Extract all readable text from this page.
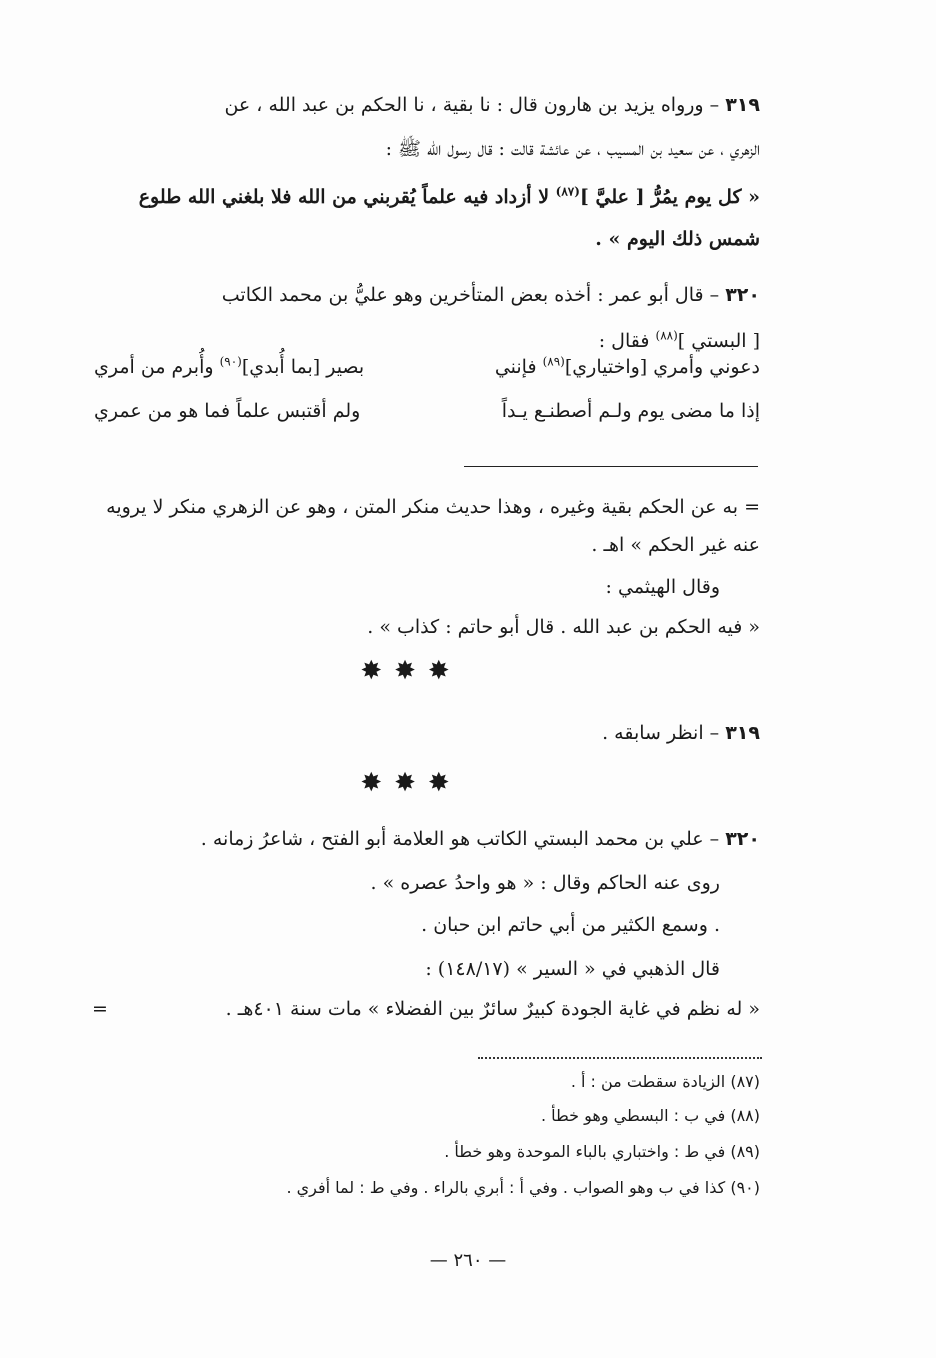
٣١٩ – ورواه يزيد بن هارون قال : نا بقية ، نا الحكم بن عبد الله ، عن
الزهري ، عن سعيد بن المسيب ، عن عائشة قالت : قال رسول الله ﷺ :
« كل يوم يمُرُّ [ عليَّ ]$^{(٨٧)}$ لا أزداد فيه علماً يُقربني من الله فلا بلغني الله طلوع
شمس ذلك اليوم » .
٣٢٠ – قال أبو عمر : أخذه بعض المتأخرين وهو عليُّ بن محمد الكاتب
[ البستي ]$^{(٨٨)}$ فقال :
دعوني وأمري [واختياري]$^{(٨٩)}$ فإنني
بصير [بما أُبدي]$^{(٩٠)}$ وأُبرم من أمري
إذا ما مضى يوم ولـم أصطنـع يـداً
ولم أقتبس علماً فما هو من عمري
= به عن الحكم بقية وغيره ، وهذا حديث منكر المتن ، وهو عن الزهري منكر لا يرويه
عنه غير الحكم » اهـ .
وقال الهيثمي :
« فيه الحكم بن عبد الله . قال أبو حاتم : كذاب » .
✸✸✸
٣١٩ – انظر سابقه .
✸✸✸
٣٢٠ – علي بن محمد البستي الكاتب هو العلامة أبو الفتح ، شاعرُ زمانه .
روى عنه الحاكم وقال : « هو واحدُ عصره » .
. وسمع الكثير من أبي حاتم ابن حبان .
قال الذهبي في « السير » (١٤٨/١٧) :
« له نظم في غاية الجودة كبيرٌ سائرٌ بين الفضلاء » مات سنة ٤٠١هـ .
=
(٨٧) الزيادة سقطت من : أ .
(٨٨) في ب : البسطي وهو خطأ .
(٨٩) في ط : واختباري بالباء الموحدة وهو خطأ .
(٩٠) كذا في ب وهو الصواب . وفي أ : أبري بالراء . وفي ط : لما أفري .
— ٢٦٠ —
